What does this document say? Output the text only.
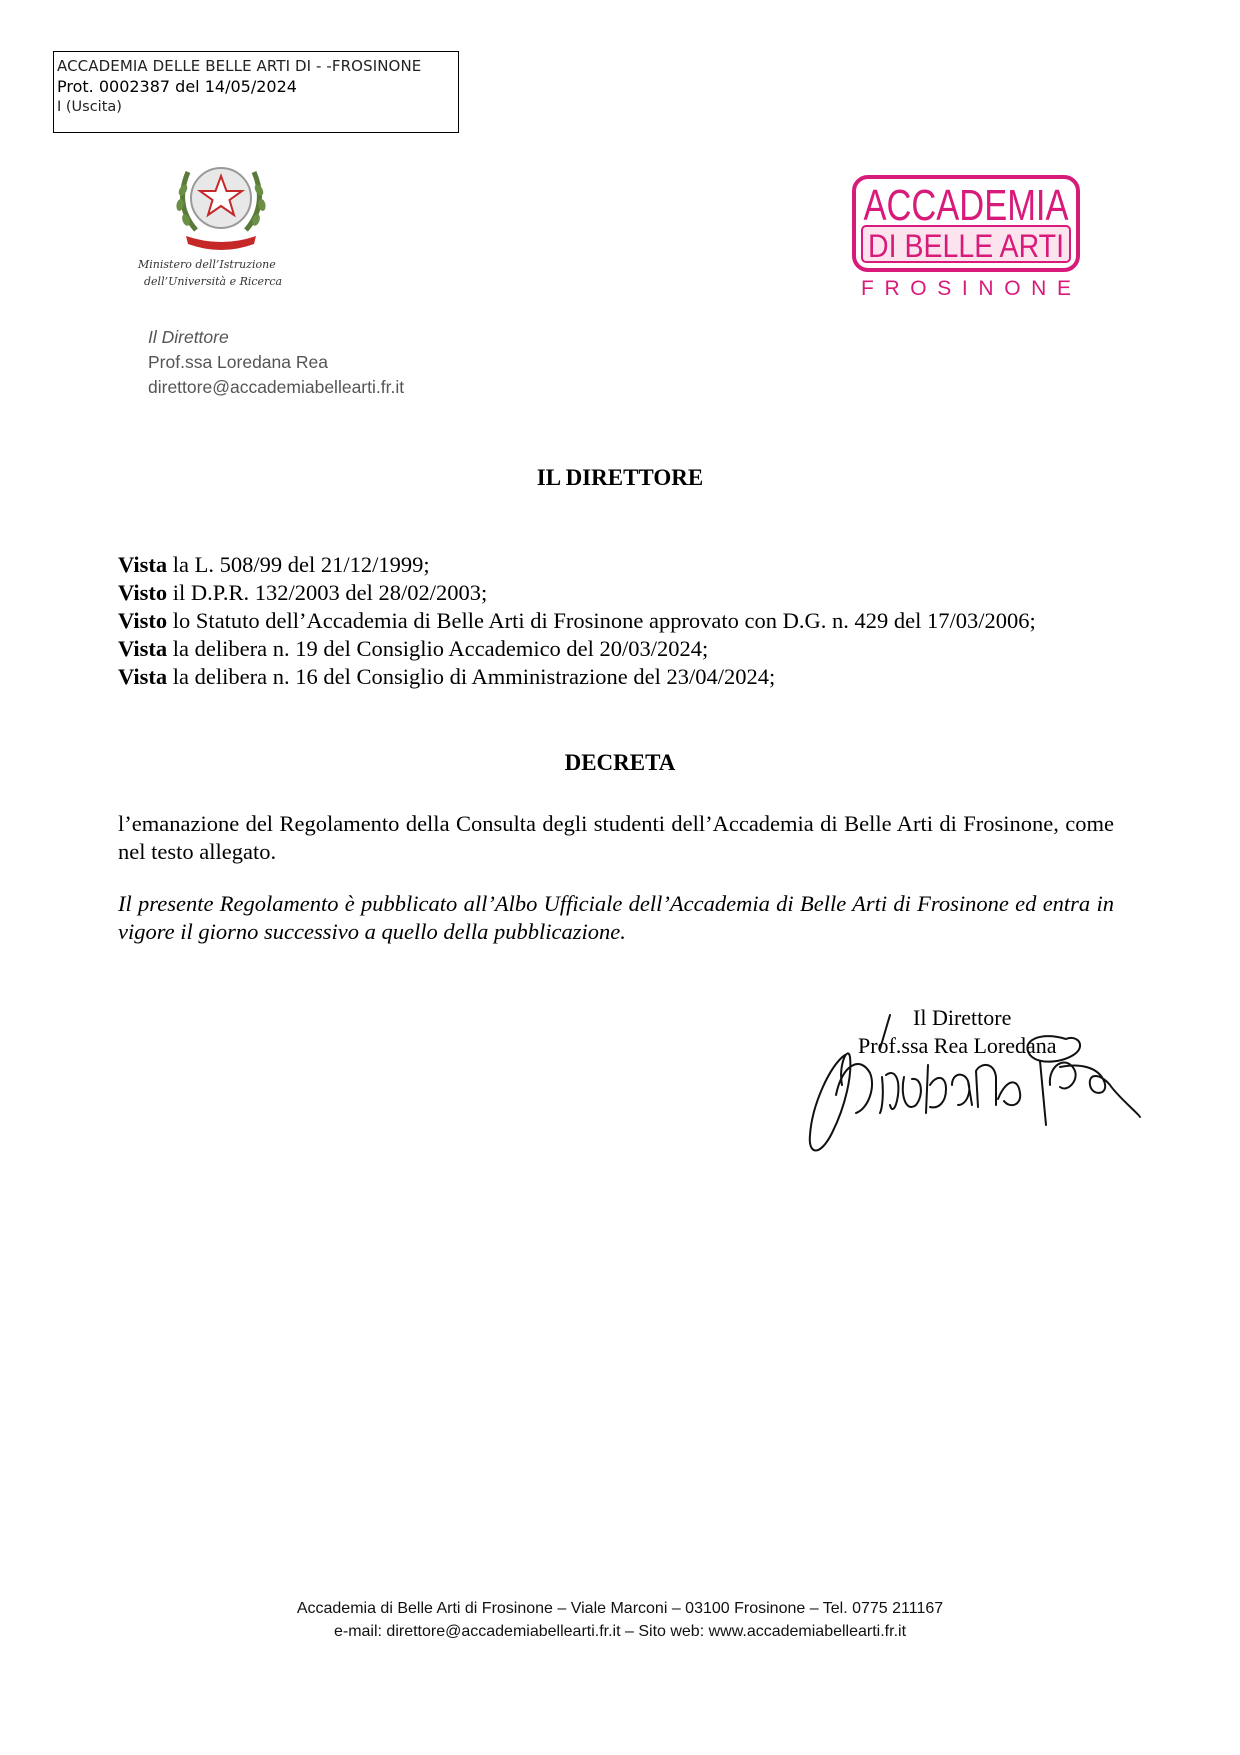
ACCADEMIA DELLE BELLE ARTI DI - -FROSINONE
Prot. 0002387 del 14/05/2024
I (Uscita)
Ministero dell’Istruzione
dell’Università e Ricerca
ACCADEMIA
DI BELLE ARTI
FROSINONE
Il Direttore
Prof.ssa Loredana Rea
direttore@accademiabellearti.fr.it
IL DIRETTORE
Vista la L. 508/99 del 21/12/1999;
Visto il D.P.R. 132/2003 del 28/02/2003;
Visto lo Statuto dell’Accademia di Belle Arti di Frosinone approvato con D.G. n. 429 del 17/03/2006;
Vista la delibera n. 19 del Consiglio Accademico del 20/03/2024;
Vista la delibera n. 16 del Consiglio di Amministrazione del 23/04/2024;
DECRETA
l’emanazione del Regolamento della Consulta degli studenti dell’Accademia di Belle Arti di Frosinone, come nel testo allegato.
Il presente Regolamento è pubblicato all’Albo Ufficiale dell’Accademia di Belle Arti di Frosinone ed entra in vigore il giorno successivo a quello della pubblicazione.
Il Direttore
Prof.ssa Rea Loredana
Accademia di Belle Arti di Frosinone – Viale Marconi – 03100 Frosinone – Tel. 0775 211167
e-mail: direttore@accademiabellearti.fr.it – Sito web: www.accademiabellearti.fr.it
